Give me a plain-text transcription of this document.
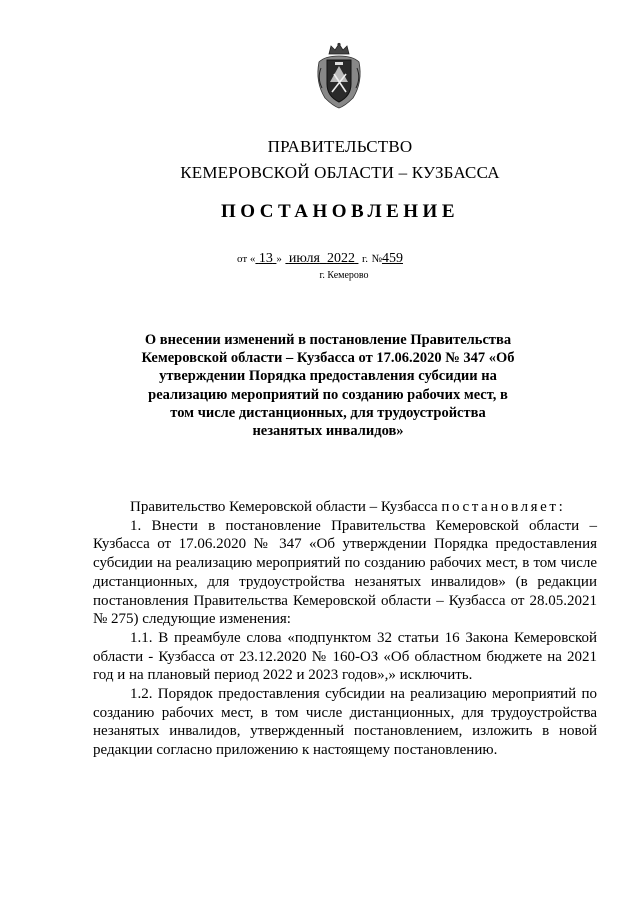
ПРАВИТЕЛЬСТВО
КЕМЕРОВСКОЙ ОБЛАСТИ – КУЗБАССА
ПОСТАНОВЛЕНИЕ
от « 13 » июля 2022 г. №459
г. Кемерово
О внесении изменений в постановление Правительства Кемеровской области – Кузбасса от 17.06.2020 № 347 «Об утверждении Порядка предоставления субсидии на реализацию мероприятий по созданию рабочих мест, в том числе дистанционных, для трудоустройства незанятых инвалидов»

Правительство Кемеровской области – Кузбасса постановляет:

1. Внести в постановление Правительства Кемеровской области – Кузбасса от 17.06.2020 № 347 «Об утверждении Порядка предоставления субсидии на реализацию мероприятий по созданию рабочих мест, в том числе дистанционных, для трудоустройства незанятых инвалидов» (в редакции постановления Правительства Кемеровской области – Кузбасса от 28.05.2021 № 275) следующие изменения:

1.1. В преамбуле слова «подпунктом 32 статьи 16 Закона Кемеровской области - Кузбасса от 23.12.2020 № 160-ОЗ «Об областном бюджете на 2021 год и на плановый период 2022 и 2023 годов»,» исключить.

1.2. Порядок предоставления субсидии на реализацию мероприятий по созданию рабочих мест, в том числе дистанционных, для трудоустройства незанятых инвалидов, утвержденный постановлением, изложить в новой редакции согласно приложению к настоящему постановлению.
